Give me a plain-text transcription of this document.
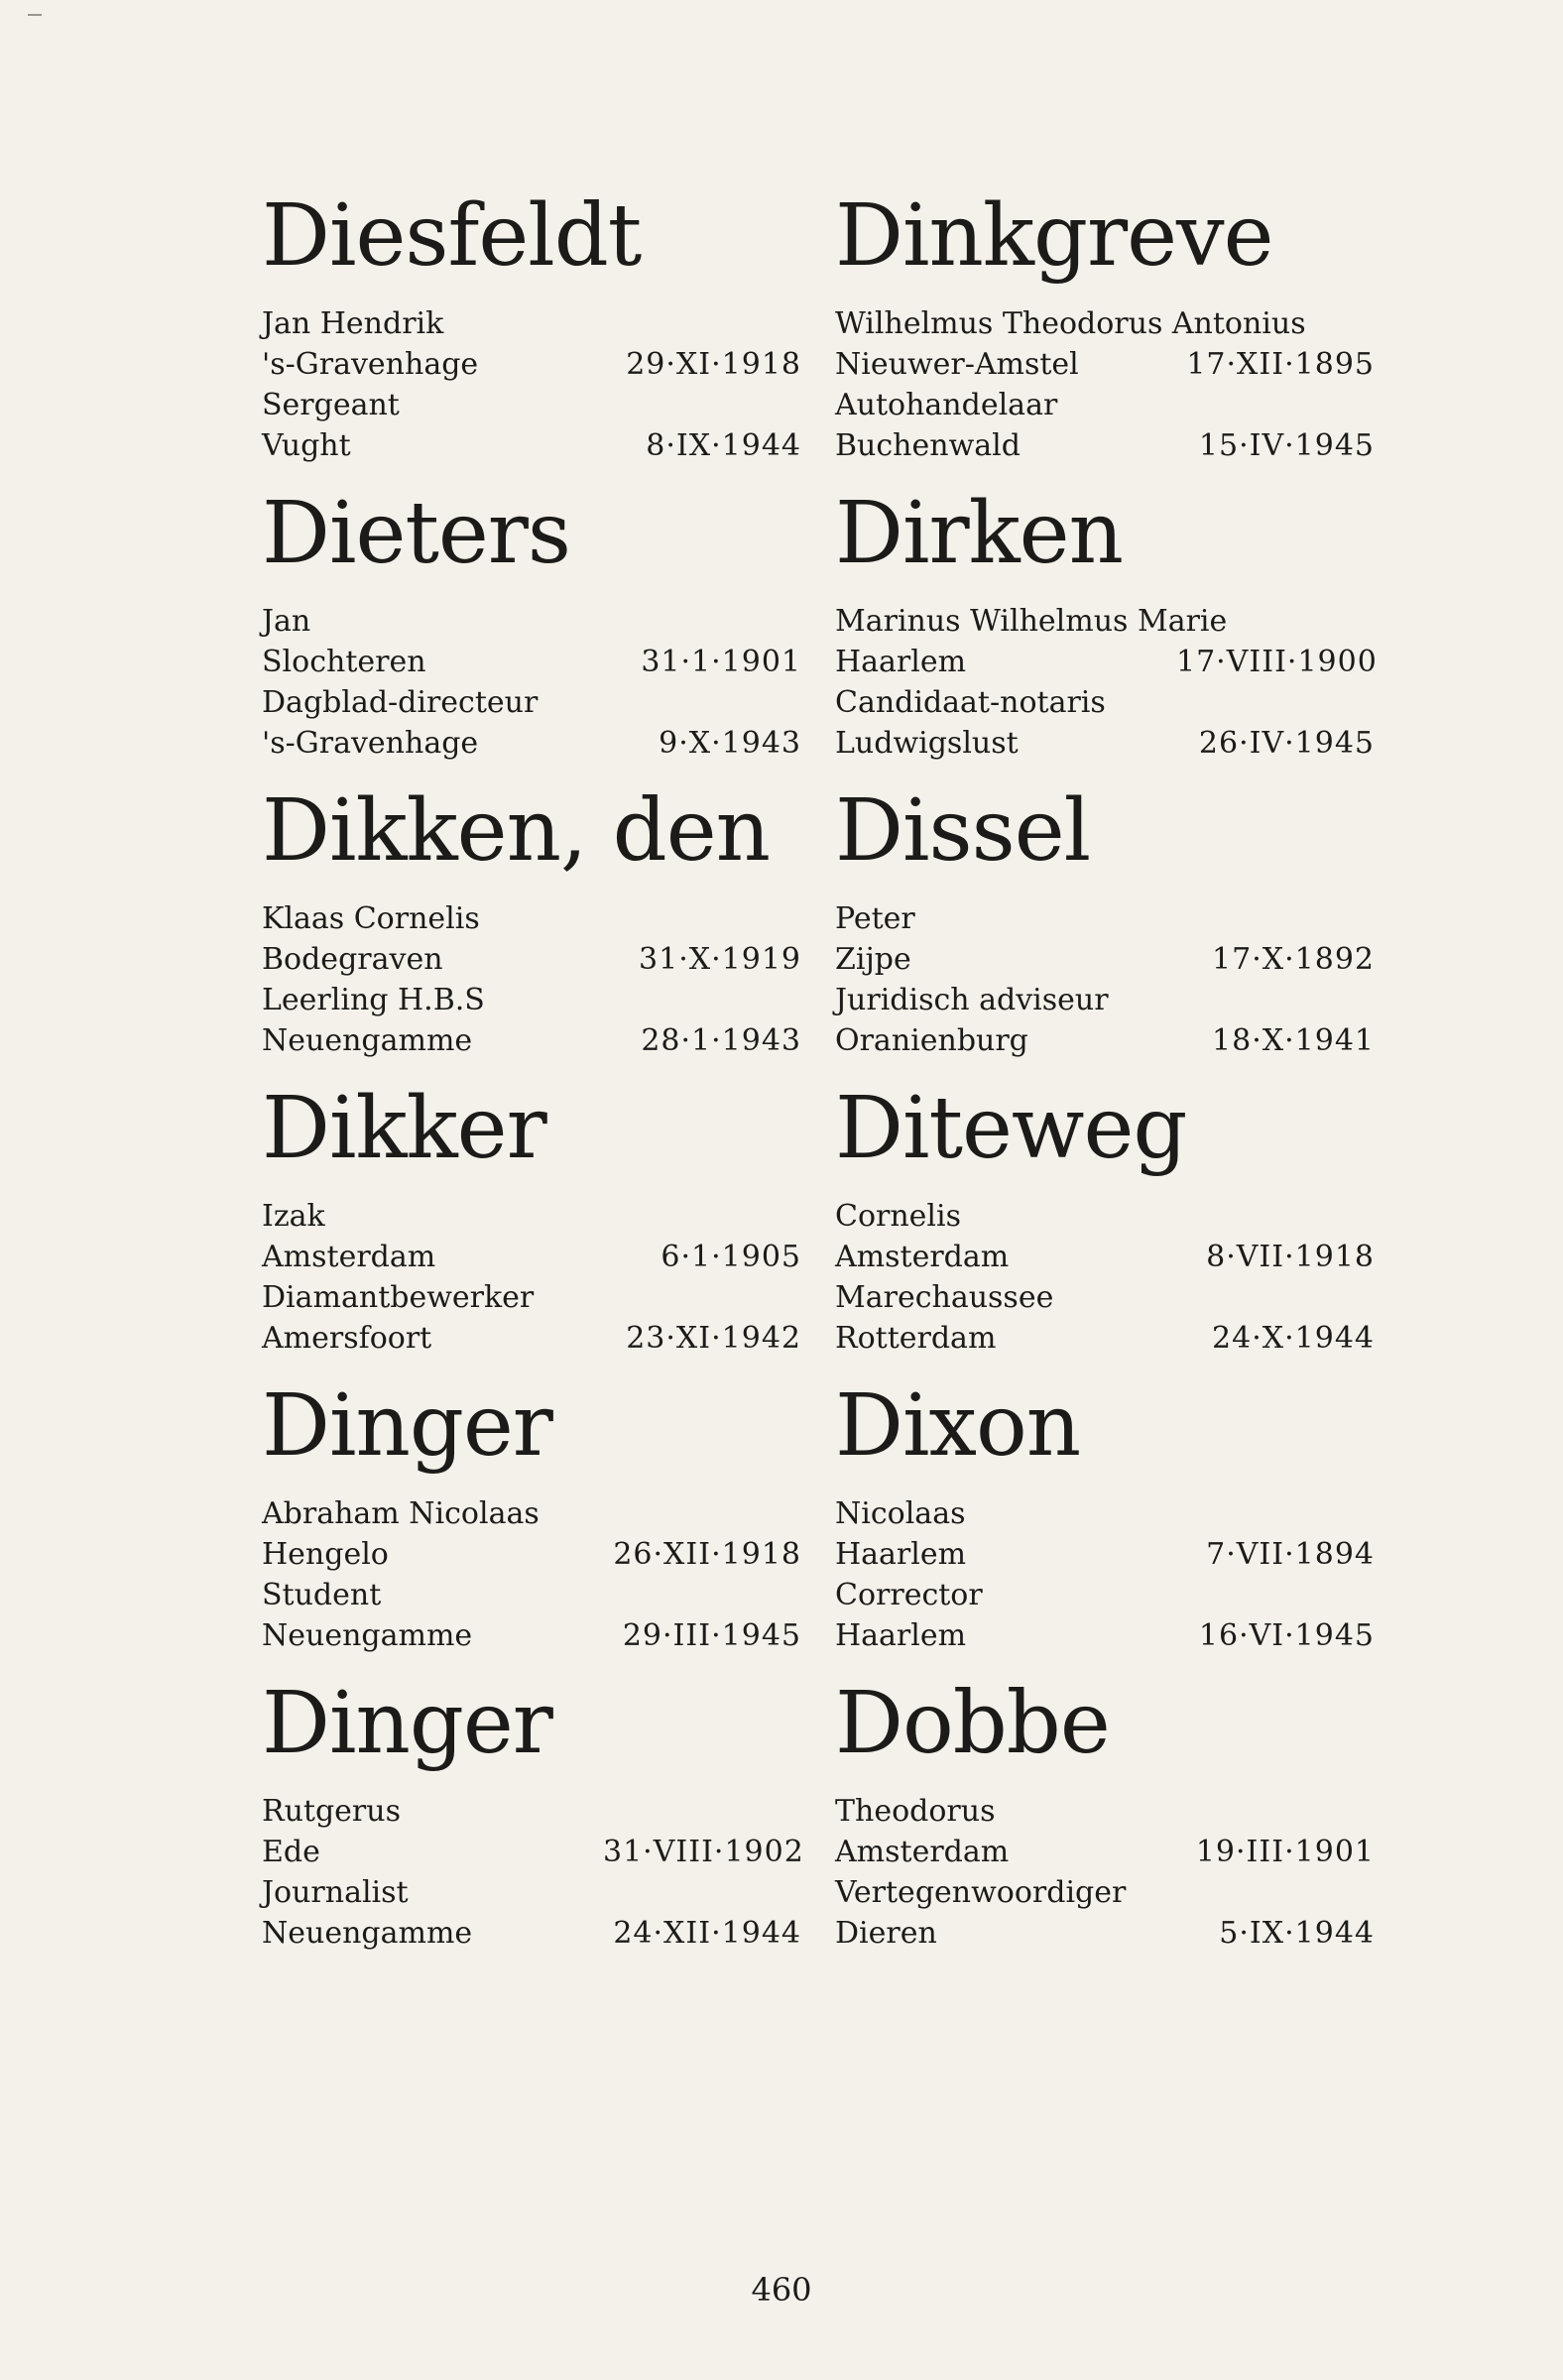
Diesfeldt
Jan Hendrik
's-Gravenhage	29·XI·1918
Sergeant
Vught	8·IX·1944
Dieters
Jan
Slochteren	31·1·1901
Dagblad-directeur
's-Gravenhage	9·X·1943
Dikken, den
Klaas Cornelis
Bodegraven	31·X·1919
Leerling H.B.S
Neuengamme	28·1·1943
Dikker
Izak
Amsterdam	6·1·1905
Diamantbewerker
Amersfoort	23·XI·1942
Dinger
Abraham Nicolaas
Hengelo	26·XII·1918
Student
Neuengamme	29·III·1945
Dinger
Rutgerus
Ede	31·VIII·1902
Journalist
Neuengamme	24·XII·1944
Dinkgreve
Wilhelmus Theodorus Antonius
Nieuwer-Amstel	17·XII·1895
Autohandelaar
Buchenwald	15·IV·1945
Dirken
Marinus Wilhelmus Marie
Haarlem	17·VIII·1900
Candidaat-notaris
Ludwigslust	26·IV·1945
Dissel
Peter
Zijpe	17·X·1892
Juridisch adviseur
Oranienburg	18·X·1941
Diteweg
Cornelis
Amsterdam	8·VII·1918
Marechaussee
Rotterdam	24·X·1944
Dixon
Nicolaas
Haarlem	7·VII·1894
Corrector
Haarlem	16·VI·1945
Dobbe
Theodorus
Amsterdam	19·III·1901
Vertegenwoordiger
Dieren	5·IX·1944
460
